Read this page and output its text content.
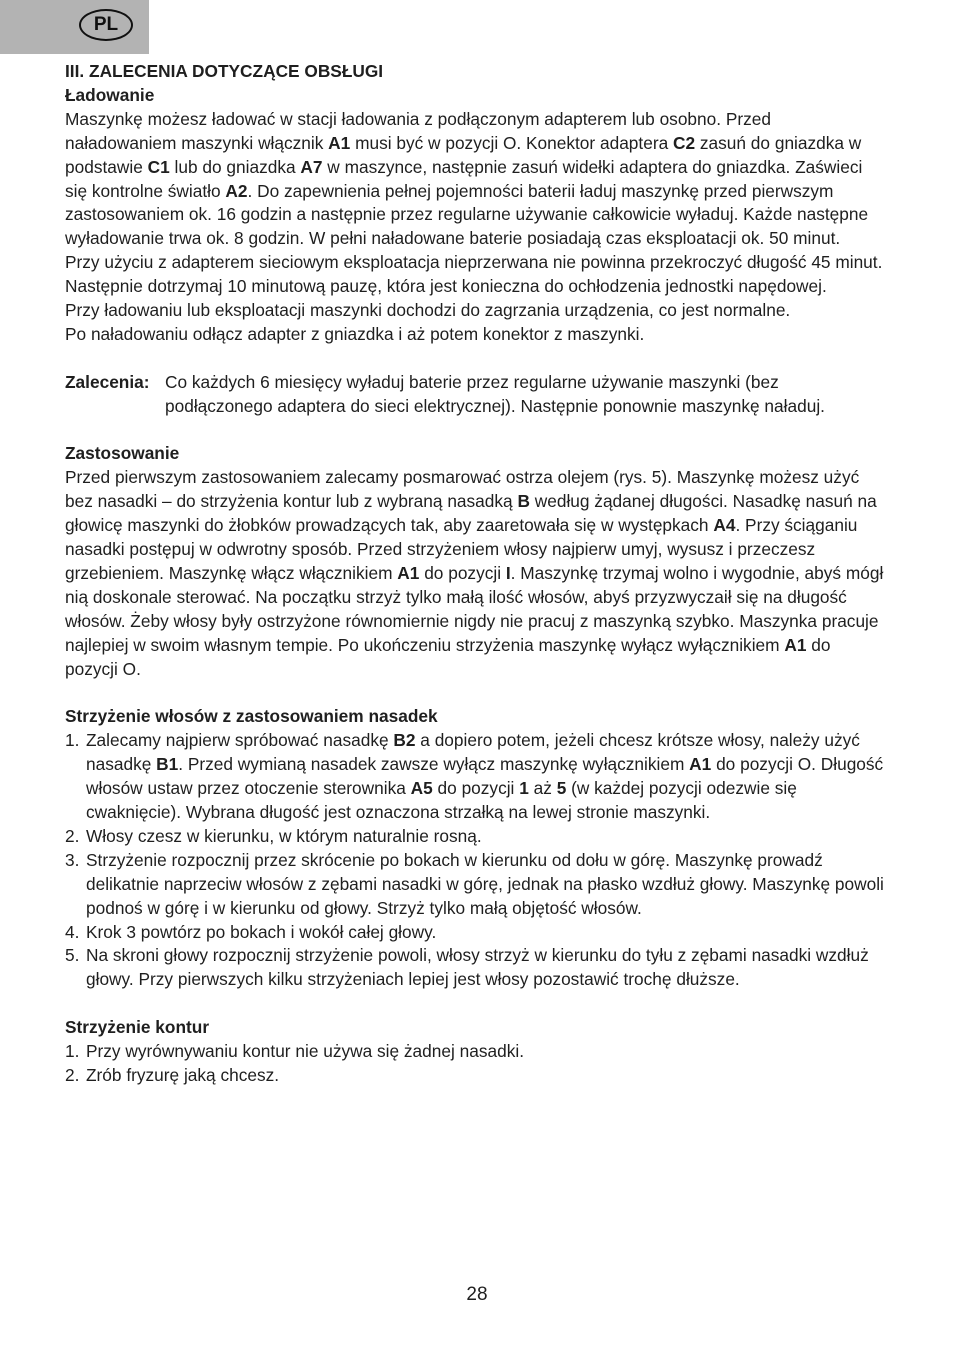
PL

III. ZALECENIA DOTYCZĄCE OBSŁUGI

Ładowanie

Maszynkę możesz ładować w stacji ładowania z podłączonym adapterem lub osobno. Przed naładowaniem maszynki włącznik A1 musi być w pozycji O. Konektor adaptera C2 zasuń do gniazdka w podstawie C1 lub do gniazdka A7 w maszynce, następnie zasuń widełki adaptera do gniazdka. Zaświeci się kontrolne światło A2. Do zapewnienia pełnej pojemności baterii ładuj maszynkę przed pierwszym zastosowaniem ok. 16 godzin a następnie przez regularne używanie całkowicie wyładuj. Każde następne wyładowanie trwa ok. 8 godzin. W pełni naładowane baterie posiadają czas eksploatacji ok. 50 minut.

Przy użyciu z adapterem sieciowym eksploatacja nieprzerwana nie powinna przekroczyć długość 45 minut.

Następnie dotrzymaj 10 minutową pauzę, która jest konieczna do ochłodzenia jednostki napędowej.

Przy ładowaniu lub eksploatacji maszynki dochodzi do zagrzania urządzenia, co jest normalne.

Po naładowaniu odłącz adapter z gniazdka i aż potem konektor z maszynki.

Zalecenia: Co każdych 6 miesięcy wyładuj baterie przez regularne używanie maszynki (bez podłączonego adaptera do sieci elektrycznej). Następnie ponownie maszynkę naładuj.

Zastosowanie

Przed pierwszym zastosowaniem zalecamy posmarować ostrza olejem (rys. 5). Maszynkę możesz użyć bez nasadki – do strzyżenia kontur lub z wybraną nasadką B według żądanej długości. Nasadkę nasuń na głowicę maszynki do żłobków prowadzących tak, aby zaaretowała się w występkach A4. Przy ściąganiu nasadki postępuj w odwrotny sposób. Przed strzyżeniem włosy najpierw umyj, wysusz i przeczesz grzebieniem. Maszynkę włącz włącznikiem A1 do pozycji I. Maszynkę trzymaj wolno i wygodnie, abyś mógł nią doskonale sterować. Na początku strzyż tylko małą ilość włosów, abyś przyzwyczaił się na długość włosów. Żeby włosy były ostrzyżone równomiernie nigdy nie pracuj z maszynką szybko. Maszynka pracuje najlepiej w swoim własnym tempie. Po ukończeniu strzyżenia maszynkę wyłącz wyłącznikiem A1 do pozycji O.

Strzyżenie włosów z zastosowaniem nasadek

1. Zalecamy najpierw spróbować nasadkę B2 a dopiero potem, jeżeli chcesz krótsze włosy, należy użyć nasadkę B1. Przed wymianą nasadek zawsze wyłącz maszynkę wyłącznikiem A1 do pozycji O. Długość włosów ustaw przez otoczenie sterownika A5 do pozycji 1 aż 5 (w każdej pozycji odezwie się cwaknięcie). Wybrana długość jest oznaczona strzałką na lewej stronie maszynki.
2. Włosy czesz w kierunku, w którym naturalnie rosną.
3. Strzyżenie rozpocznij przez skrócenie po bokach w kierunku od dołu w górę. Maszynkę prowadź delikatnie naprzeciw włosów z zębami nasadki w górę, jednak na płasko wzdłuż głowy. Maszynkę powoli podnoś w górę i w kierunku od głowy. Strzyż tylko małą objętość włosów.
4. Krok 3 powtórz po bokach i wokół całej głowy.
5. Na skroni głowy rozpocznij strzyżenie powoli, włosy strzyż w kierunku do tyłu z zębami nasadki wzdłuż głowy. Przy pierwszych kilku strzyżeniach lepiej jest włosy pozostawić trochę dłuższe.

Strzyżenie kontur

1. Przy wyrównywaniu kontur nie używa się żadnej nasadki.
2. Zrób fryzurę jaką chcesz.
28
